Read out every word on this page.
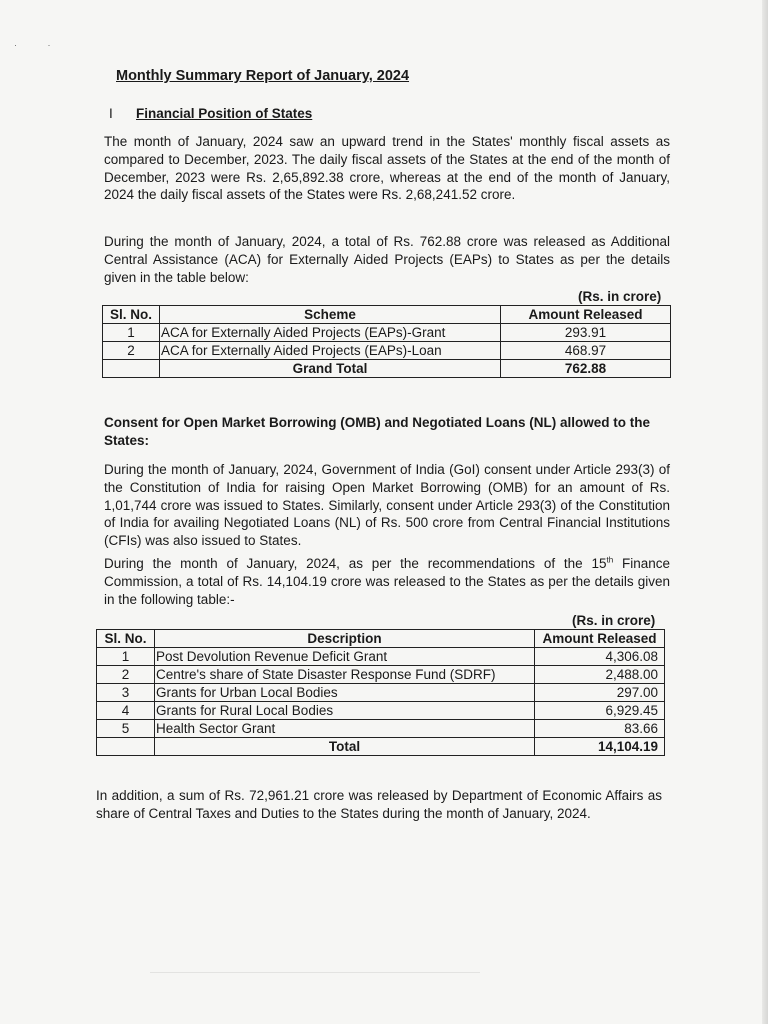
· ·
Monthly Summary Report of January, 2024
I Financial Position of States

The month of January, 2024 saw an upward trend in the States' monthly fiscal assets as compared to December, 2023. The daily fiscal assets of the States at the end of the month of December, 2023 were Rs. 2,65,892.38 crore, whereas at the end of the month of January, 2024 the daily fiscal assets of the States were Rs. 2,68,241.52 crore.

During the month of January, 2024, a total of Rs. 762.88 crore was released as Additional Central Assistance (ACA) for Externally Aided Projects (EAPs) to States as per the details given in the table below:

(Rs. in crore)
Sl. No.	Scheme	Amount Released
1	ACA for Externally Aided Projects (EAPs)-Grant	293.91
2	ACA for Externally Aided Projects (EAPs)-Loan	468.97
	Grand Total	762.88

Consent for Open Market Borrowing (OMB) and Negotiated Loans (NL) allowed to the States:

During the month of January, 2024, Government of India (GoI) consent under Article 293(3) of the Constitution of India for raising Open Market Borrowing (OMB) for an amount of Rs. 1,01,744 crore was issued to States. Similarly, consent under Article 293(3) of the Constitution of India for availing Negotiated Loans (NL) of Rs. 500 crore from Central Financial Institutions (CFIs) was also issued to States.

During the month of January, 2024, as per the recommendations of the 15th Finance Commission, a total of Rs. 14,104.19 crore was released to the States as per the details given in the following table:-

(Rs. in crore)
Sl. No.	Description	Amount Released
1	Post Devolution Revenue Deficit Grant	4,306.08
2	Centre's share of State Disaster Response Fund (SDRF)	2,488.00
3	Grants for Urban Local Bodies	297.00
4	Grants for Rural Local Bodies	6,929.45
5	Health Sector Grant	83.66
	Total	14,104.19

In addition, a sum of Rs. 72,961.21 crore was released by Department of Economic Affairs as share of Central Taxes and Duties to the States during the month of January, 2024.
